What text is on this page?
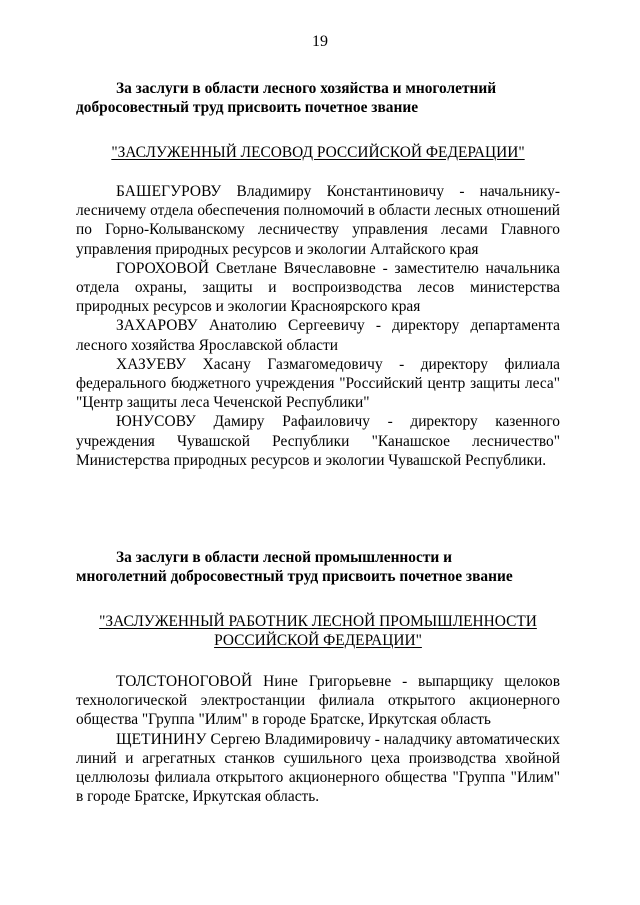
19
За заслуги в области лесного хозяйства и многолетний
добросовестный труд присвоить почетное звание
"ЗАСЛУЖЕННЫЙ ЛЕСОВОД РОССИЙСКОЙ ФЕДЕРАЦИИ"

БАШЕГУРОВУ Владимиру Константиновичу - начальнику-лесничему отдела обеспечения полномочий в области лесных отношений по Горно-Колыванскому лесничеству управления лесами Главного управления природных ресурсов и экологии Алтайского края

ГОРОХОВОЙ Светлане Вячеславовне - заместителю начальника отдела охраны, защиты и воспроизводства лесов министерства природных ресурсов и экологии Красноярского края

ЗАХАРОВУ Анатолию Сергеевичу - директору департамента лесного хозяйства Ярославской области

ХАЗУЕВУ Хасану Газмагомедовичу - директору филиала федерального бюджетного учреждения "Российский центр защиты леса" "Центр защиты леса Чеченской Республики"

ЮНУСОВУ Дамиру Рафаиловичу - директору казенного учреждения Чувашской Республики "Канашское лесничество" Министерства природных ресурсов и экологии Чувашской Республики.

За заслуги в области лесной промышленности и
многолетний добросовестный труд присвоить почетное звание
"ЗАСЛУЖЕННЫЙ РАБОТНИК ЛЕСНОЙ ПРОМЫШЛЕННОСТИ
РОССИЙСКОЙ ФЕДЕРАЦИИ"

ТОЛСТОНОГОВОЙ Нине Григорьевне - выпарщику щелоков технологической электростанции филиала открытого акционерного общества "Группа "Илим" в городе Братске, Иркутская область

ЩЕТИНИНУ Сергею Владимировичу - наладчику автоматических линий и агрегатных станков сушильного цеха производства хвойной целлюлозы филиала открытого акционерного общества "Группа "Илим" в городе Братске, Иркутская область.
